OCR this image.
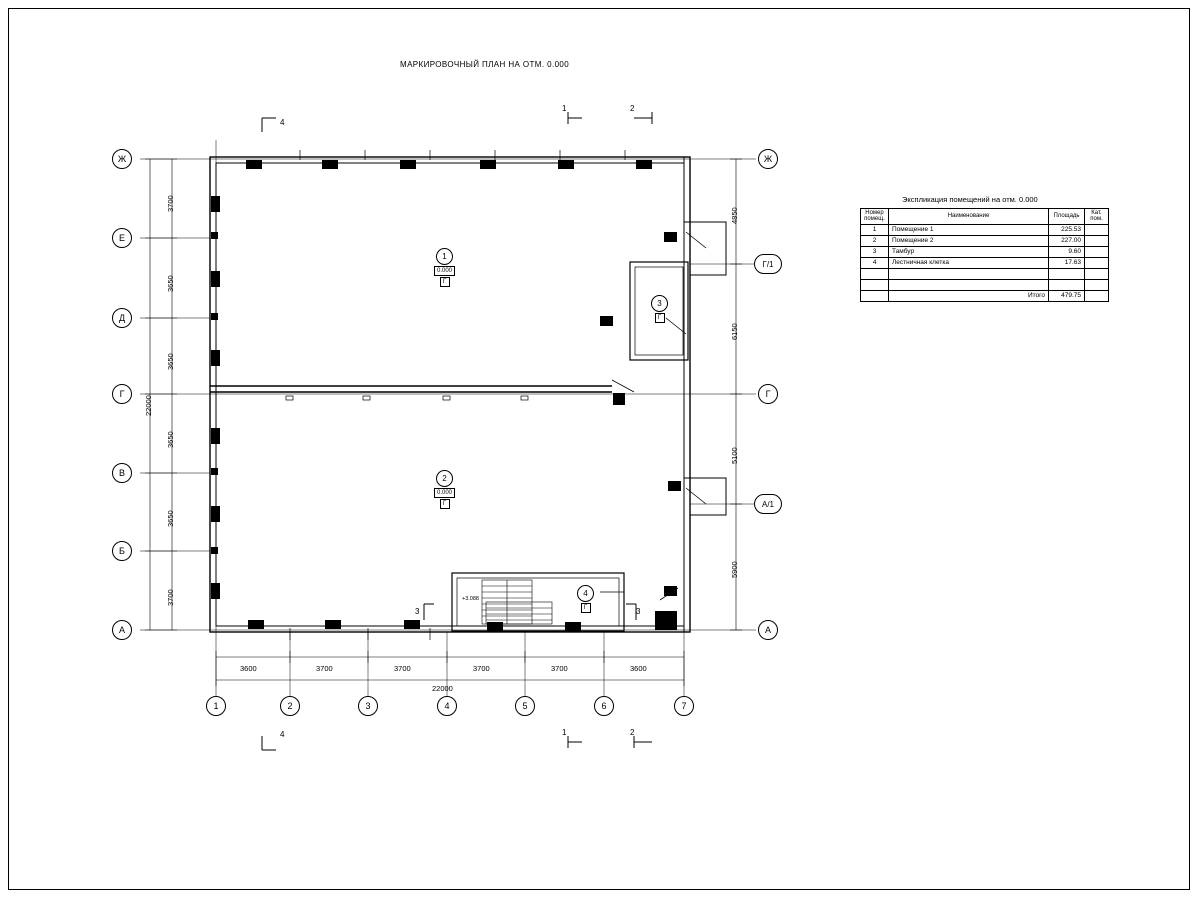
МАРКИРОВОЧНЫЙ ПЛАН НА ОТМ. 0.000
Ж
Е
Д
Г
В
Б
А
Ж
Г/1
Г
А/1
А
1	2	3	4	5	6	7
3700
3650
3650
3650
3650
3700
22000
4850
6150
5100
5900
3600	3700	3700	3700	3700	3600
22000
1
0.000
Г
2
0.000
Г
3
Г
4
Г
+3.088
1	2
4
4	1	2
3	3
Экспликация помещений на отм. 0.000
Номер помещ.	Наименование	Площадь	Кат. пом.
1	Помещение 1	225.53	
2	Помещение 2	227.00	
3	Тамбур	9.60	
4	Лестничная клетка	17.63	

	Итого	479.75	
